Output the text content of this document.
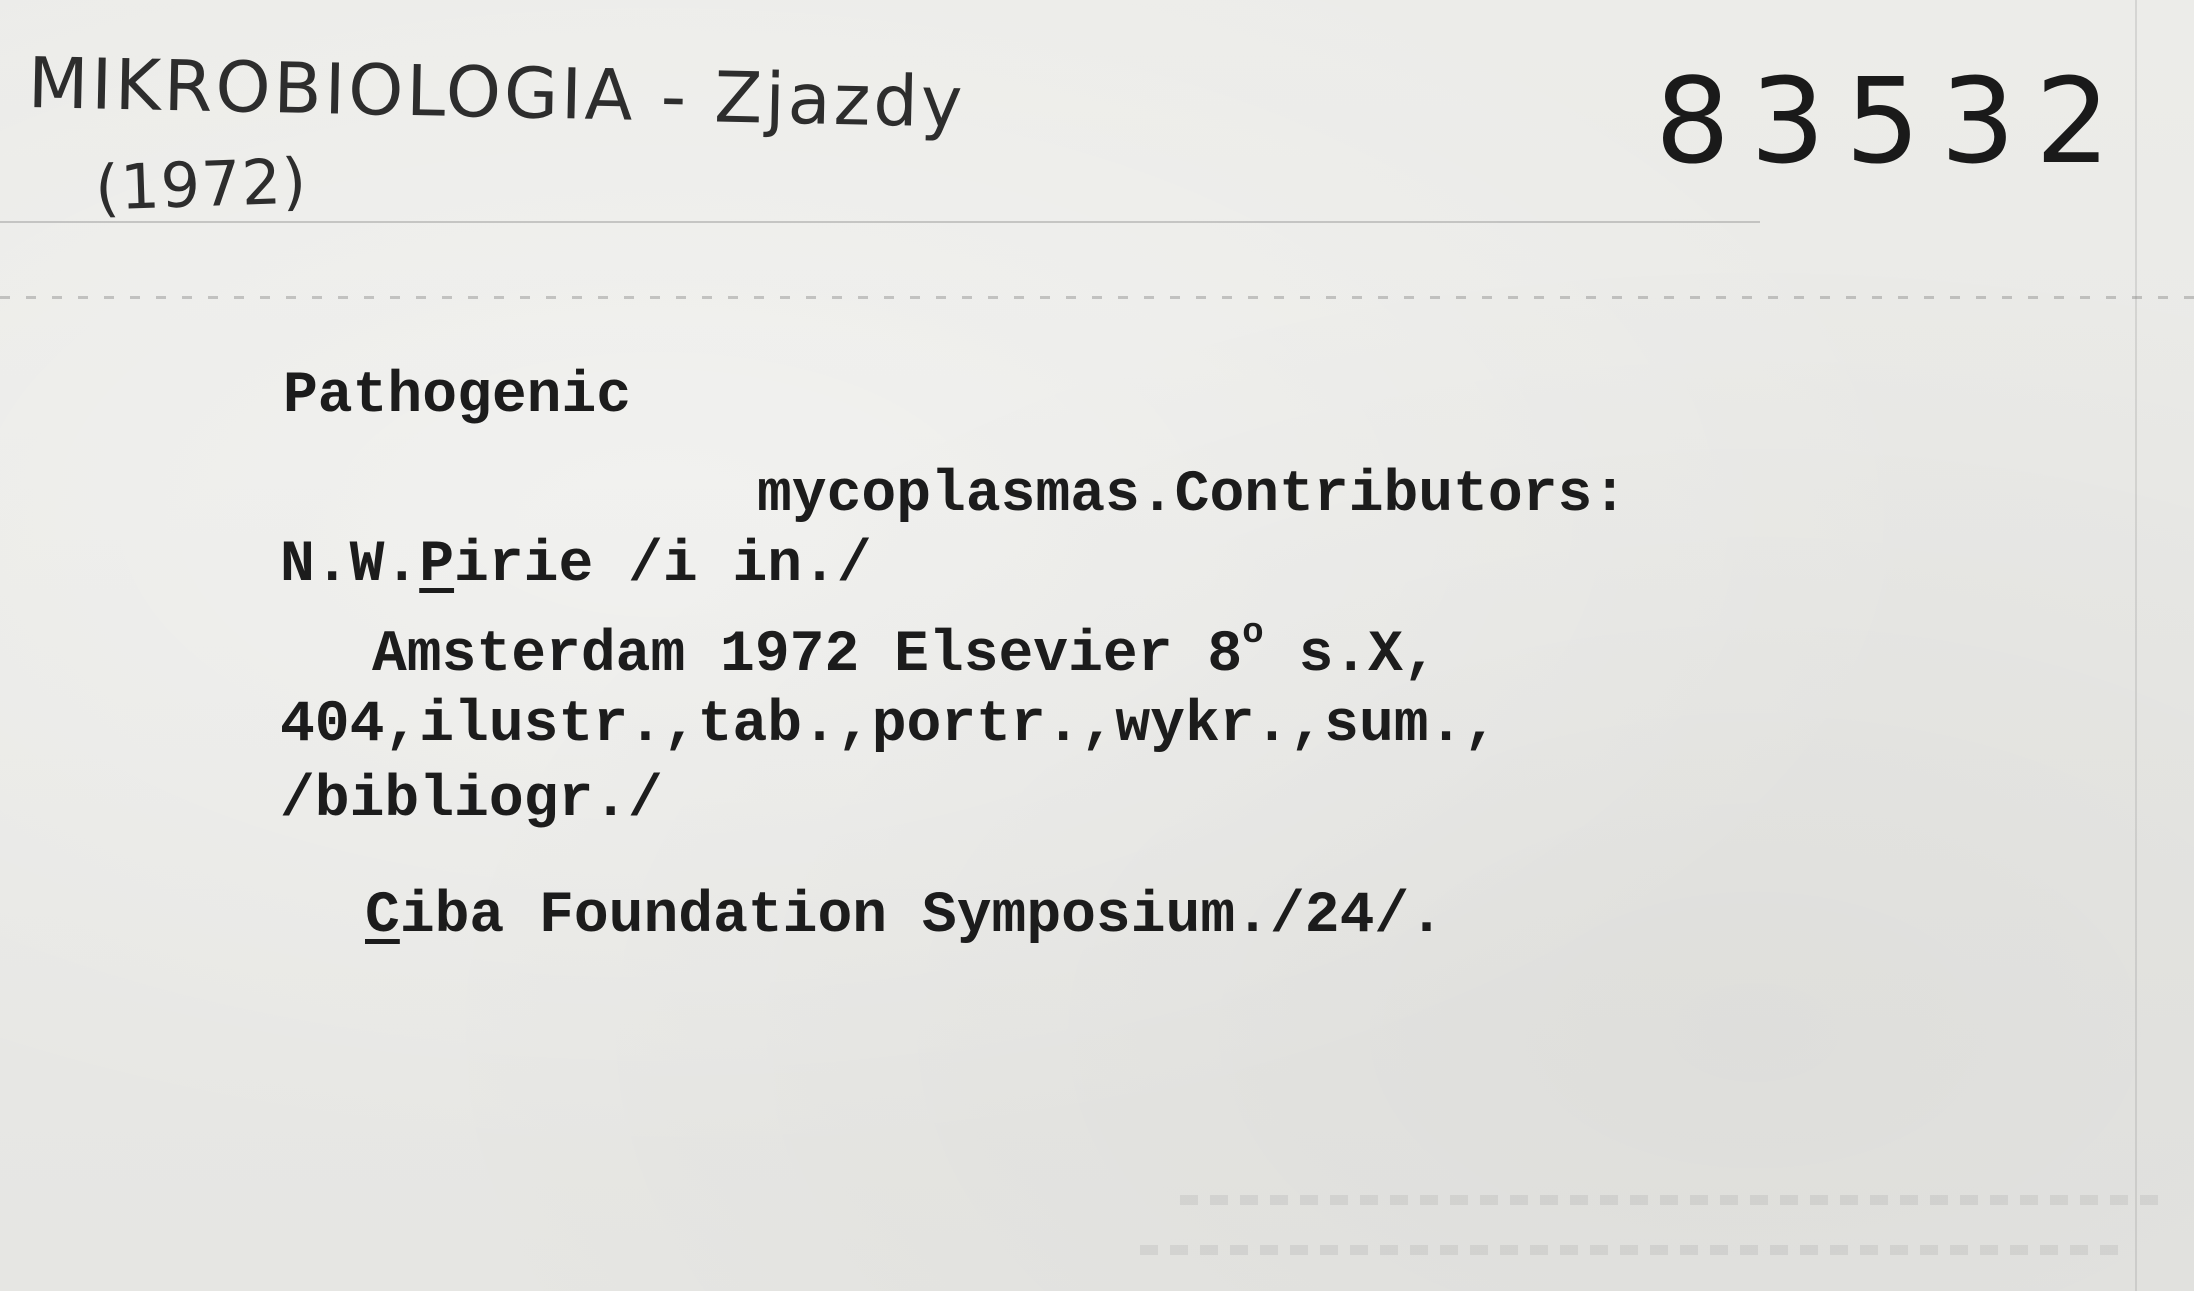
MIKROBIOLOGIA - Zjazdy
(1972)	83532
Pathogenic
mycoplasmas.Contributors:
N.W.Pirie /i in./
Amsterdam 1972 Elsevier 8$^o$ s.X,
404,ilustr.,tab.,portr.,wykr.,sum.,
/bibliogr./
Ciba Foundation Symposium./24/.
